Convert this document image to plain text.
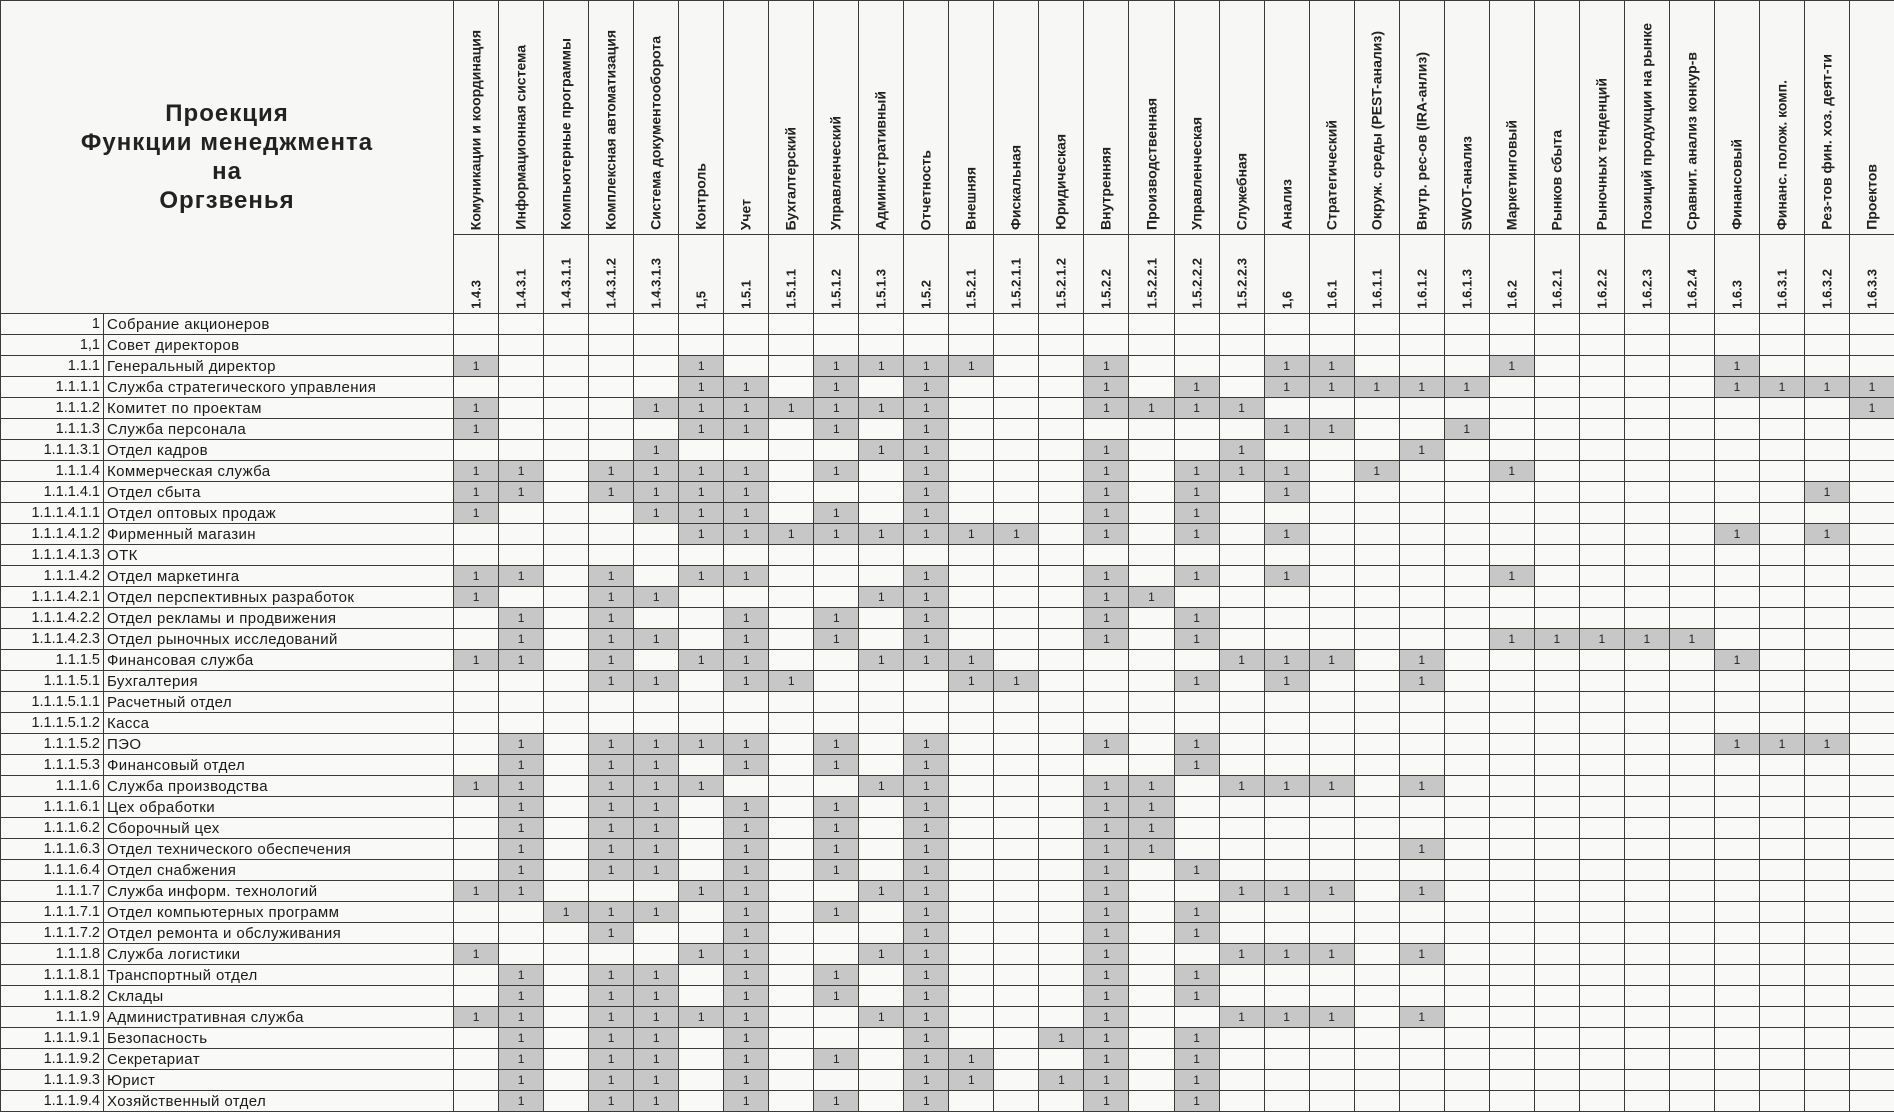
Проекция
Функции менеджмента
на
Оргзвенья		Комуникации и координация	Информационная система	Компьютерные программы	Комплексная автоматизация	Система документооборота	Контроль	Учет	Бухгалтерский	Управленческий	Административный	Отчетность	Внешняя	Фискальная	Юридическая	Внутренняя	Производственная	Управленческая	Служебная	Анализ	Стратегический	Окруж. среды (PEST-анализ)	Внутр. рес-ов (IRA-анлиз)	SWOT-анализ	Маркетинговый	Рынков сбыта	Рыночных тенденций	Позиций продукции на рынке	Сравнит. анализ конкур-в	Финансовый	Финанс. полож. комп.	Рез-тов фин. хоз. деят-ти	Проектов

		1.4.3	1.4.3.1	1.4.3.1.1	1.4.3.1.2	1.4.3.1.3	1,5	1.5.1	1.5.1.1	1.5.1.2	1.5.1.3	1.5.2	1.5.2.1	1.5.2.1.1	1.5.2.1.2	1.5.2.2	1.5.2.2.1	1.5.2.2.2	1.5.2.2.3	1,6	1.6.1	1.6.1.1	1.6.1.2	1.6.1.3	1.6.2	1.6.2.1	1.6.2.2	1.6.2.3	1.6.2.4	1.6.3	1.6.3.1	1.6.3.2	1.6.3.3

1	Собрание акционеров																																
1,1	Совет директоров																																
1.1.1	Генеральный директор	1					1			1	1	1	1			1				1	1				1					1			
1.1.1.1	Служба стратегического управления						1	1		1		1				1		1		1	1	1	1	1						1	1	1	1
1.1.1.2	Комитет по проектам	1				1	1	1	1	1	1	1				1	1	1	1														1
1.1.1.3	Служба персонала	1					1	1		1		1								1	1			1									
1.1.1.3.1	Отдел кадров					1					1	1				1			1				1										
1.1.1.4	Коммерческая служба	1	1		1	1	1	1		1		1				1		1	1	1		1			1								
1.1.1.4.1	Отдел сбыта	1	1		1	1	1	1				1				1		1		1												1	
1.1.1.4.1.1	Отдел оптовых продаж	1				1	1	1		1		1				1		1															
1.1.1.4.1.2	Фирменный магазин						1	1	1	1	1	1	1	1		1		1		1										1		1	
1.1.1.4.1.3	ОТК																																
1.1.1.4.2	Отдел маркетинга	1	1		1		1	1				1				1		1		1					1								
1.1.1.4.2.1	Отдел перспективных разработок	1			1	1					1	1				1	1																
1.1.1.4.2.2	Отдел рекламы и продвижения		1		1			1		1		1				1		1															
1.1.1.4.2.3	Отдел рыночных исследований		1		1	1		1		1		1				1		1							1	1	1	1	1				
1.1.1.5	Финансовая служба	1	1		1		1	1			1	1	1						1	1	1		1							1			
1.1.1.5.1	Бухгалтерия				1	1		1	1				1	1				1		1			1										
1.1.1.5.1.1	Расчетный отдел																																
1.1.1.5.1.2	Касса																																
1.1.1.5.2	ПЭО		1		1	1	1	1		1		1				1		1												1	1	1	
1.1.1.5.3	Финансовый отдел		1		1	1		1		1		1						1															
1.1.1.6	Служба производства	1	1		1	1	1				1	1				1	1		1	1	1		1										
1.1.1.6.1	Цех обработки		1		1	1		1		1		1				1	1																
1.1.1.6.2	Сборочный цех		1		1	1		1		1		1				1	1																
1.1.1.6.3	Отдел технического обеспечения		1		1	1		1		1		1				1	1						1										
1.1.1.6.4	Отдел снабжения		1		1	1		1		1		1				1		1															
1.1.1.7	Служба информ. технологий	1	1				1	1			1	1				1			1	1	1		1										
1.1.1.7.1	Отдел компьютерных программ			1	1	1		1		1		1				1		1															
1.1.1.7.2	Отдел ремонта и обслуживания				1			1				1				1		1															
1.1.1.8	Служба логистики	1					1	1			1	1				1			1	1	1		1										
1.1.1.8.1	Транспортный отдел		1		1	1		1		1		1				1		1															
1.1.1.8.2	Склады		1		1	1		1		1		1				1		1															
1.1.1.9	Административная служба	1	1		1	1	1	1			1	1				1			1	1	1		1										
1.1.1.9.1	Безопасность		1		1	1		1				1			1	1		1															
1.1.1.9.2	Секретариат		1		1	1		1		1		1	1			1		1															
1.1.1.9.3	Юрист		1		1	1		1				1	1		1	1		1															
1.1.1.9.4	Хозяйственный отдел		1		1	1		1		1		1				1		1															
